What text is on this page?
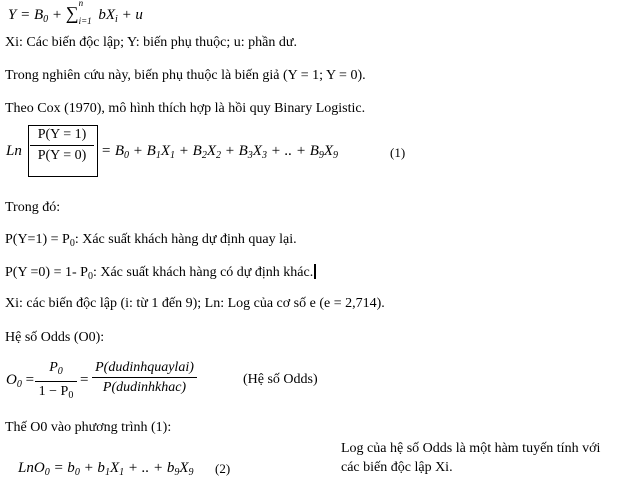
$Y = B_0$ + ∑ n
i=1 $bX_i + u$
Xi: Các biến độc lập; Y: biến phụ thuộc; u: phần dư.
Trong nghiên cứu này, biến phụ thuộc là biến giả (Y = 1; Y = 0).
Theo Cox (1970), mô hình thích hợp là hồi quy Binary Logistic.
Ln $\frac{P(Y = 1)}{P(Y = 0)} = B_0 + B_1X_1 + B_2X_2 + B_3X_3$ + .. + $B_9X_9$	(1)
Trong đó:
$P(Y=1) = P_0$: Xác suất khách hàng dự định quay lại.
P(Y =0) = 1- $P_0$: Xác suất khách hàng có dự định khác.
Xi: các biến độc lập (i: từ 1 đến 9); Ln: Log của cơ số e (e = 2,714).
Hệ số Odds (O0):
$O_0$ =
$P_0$
$1 - P_0$
=
P(dudinhquaylai)
P(dudinhkhac)
(Hệ số Odds)
Thế O0 vào phương trình (1):
$LnO_0 = b_0 + b_1X_1$ + .. + $b_9X_9$ (2)
Log của hệ số Odds là một hàm tuyến tính với
các biến độc lập Xi.
